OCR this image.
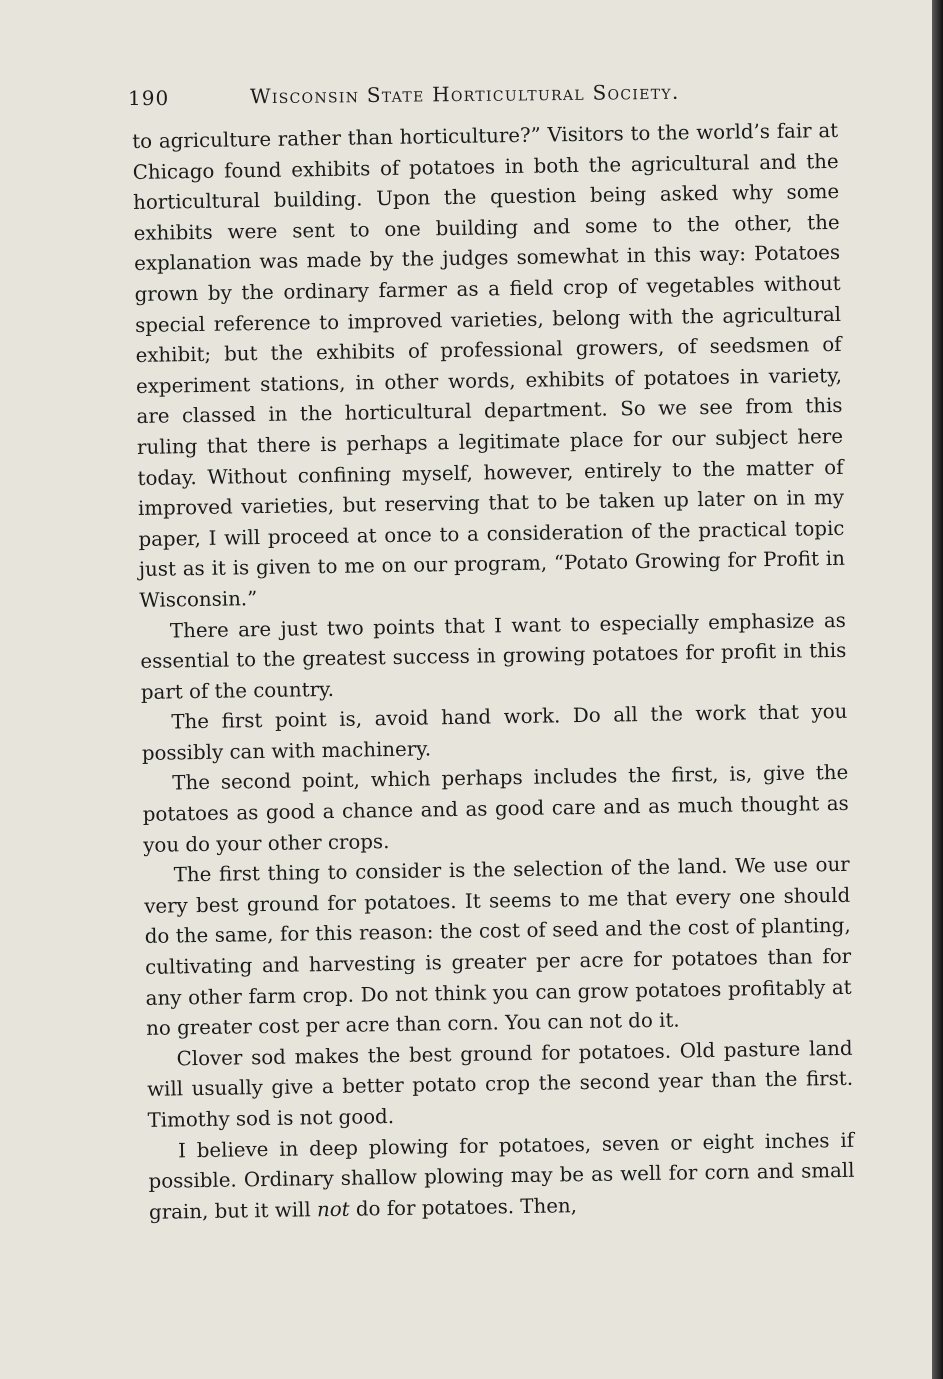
190	Wisconsin State Horticultural Society.

to agriculture rather than horticulture?” Visitors to the world’s fair at Chicago found exhibits of potatoes in both the agricultural and the horticultural building. Upon the question being asked why some exhibits were sent to one building and some to the other, the explanation was made by the judges somewhat in this way: Potatoes grown by the ordinary farmer as a field crop of vegetables without special reference to improved varieties, belong with the agricultural exhibit; but the exhibits of professional growers, of seedsmen of experiment stations, in other words, exhibits of potatoes in variety, are classed in the horticultural department. So we see from this ruling that there is perhaps a legitimate place for our subject here today. Without confining myself, however, entirely to the matter of improved varieties, but reserving that to be taken up later on in my paper, I will proceed at once to a consideration of the practical topic just as it is given to me on our program, “Potato Growing for Profit in Wisconsin.”

There are just two points that I want to especially emphasize as essential to the greatest success in growing potatoes for profit in this part of the country.

The first point is, avoid hand work. Do all the work that you possibly can with machinery.

The second point, which perhaps includes the first, is, give the potatoes as good a chance and as good care and as much thought as you do your other crops.

The first thing to consider is the selection of the land. We use our very best ground for potatoes. It seems to me that every one should do the same, for this reason: the cost of seed and the cost of planting, cultivating and harvesting is greater per acre for potatoes than for any other farm crop. Do not think you can grow potatoes profitably at no greater cost per acre than corn. You can not do it.

Clover sod makes the best ground for potatoes. Old pasture land will usually give a better potato crop the second year than the first. Timothy sod is not good.

I believe in deep plowing for potatoes, seven or eight inches if possible. Ordinary shallow plowing may be as well for corn and small grain, but it will not do for potatoes. Then,
